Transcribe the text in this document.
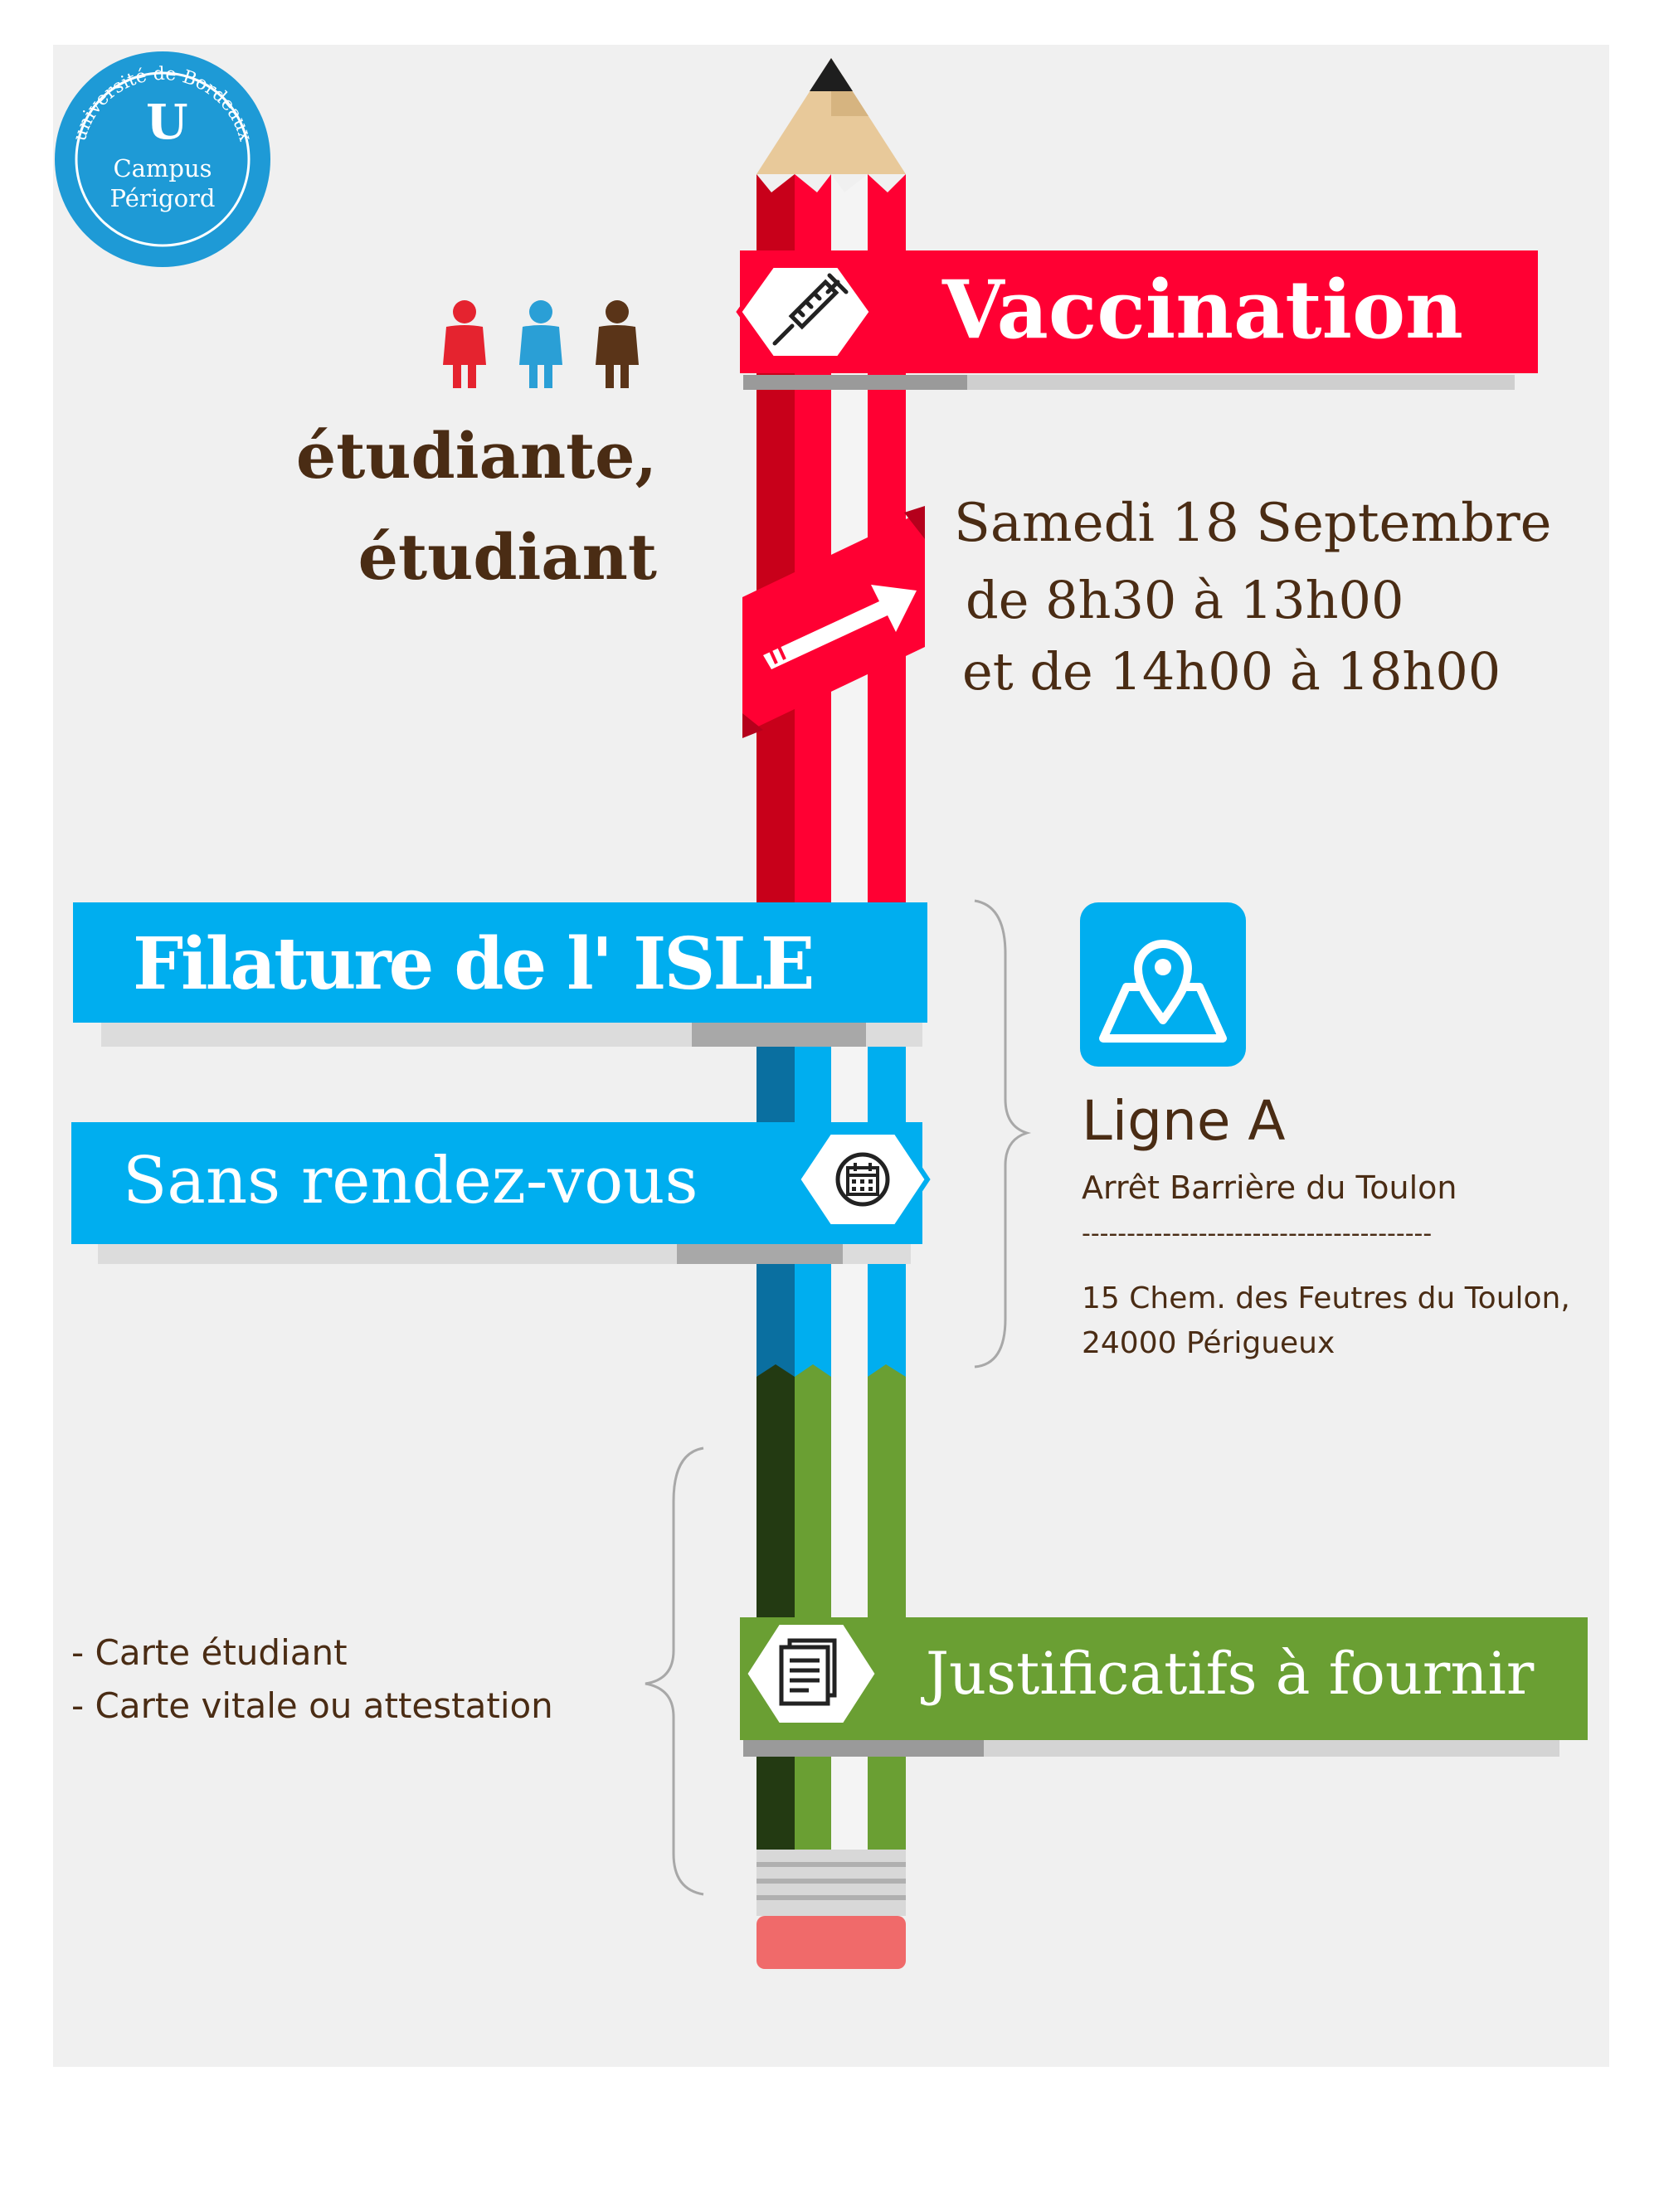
université de Bordeaux
U
Campus
Périgord
étudiante,
étudiant
Vaccination
Samedi 18 Septembre
de 8h30 à 13h00
et de 14h00 à 18h00
Filature de l' ISLE
Sans rendez-vous
Ligne A
Arrêt Barrière du Toulon
---------------------------------------
15 Chem. des Feutres du Toulon,
24000 Périgueux
Justificatifs à fournir
- Carte étudiant
- Carte vitale ou attestation
